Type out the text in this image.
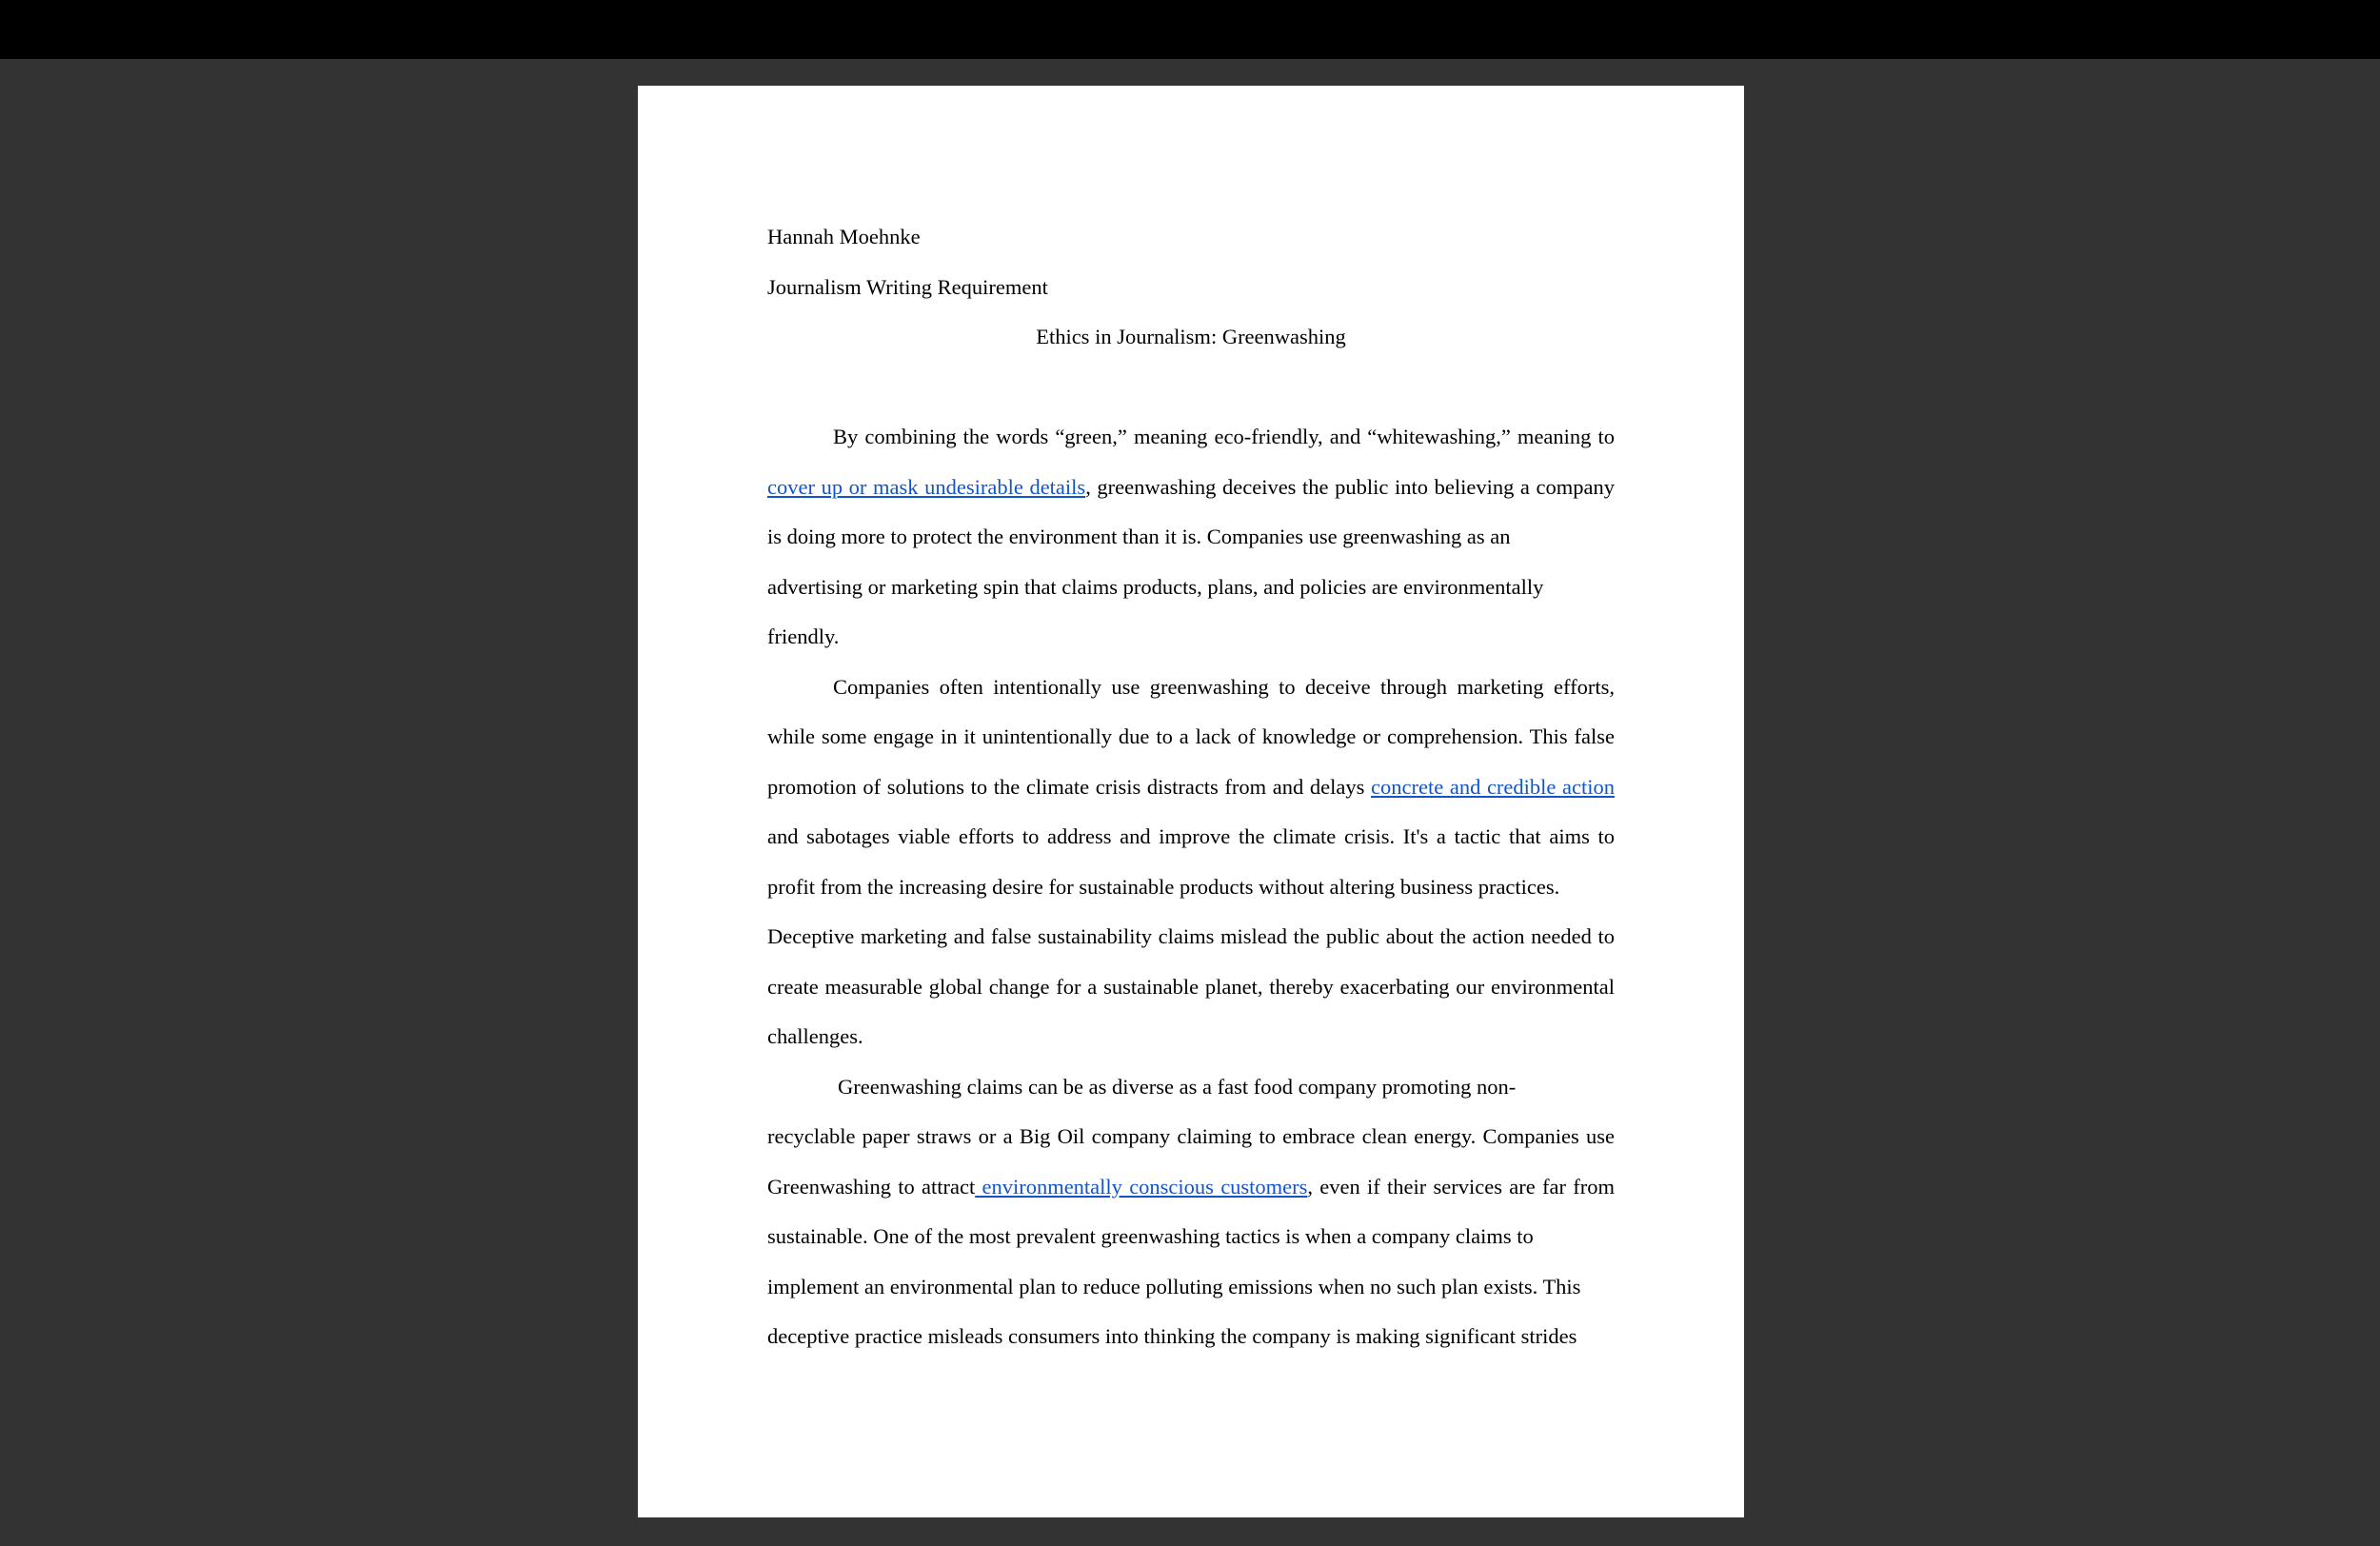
Hannah Moehnke
Journalism Writing Requirement
Ethics in Journalism: Greenwashing
By combining the words “green,” meaning eco-friendly, and “whitewashing,” meaning to
cover up or mask undesirable details, greenwashing deceives the public into believing a company
is doing more to protect the environment than it is. Companies use greenwashing as an
advertising or marketing spin that claims products, plans, and policies are environmentally
friendly.
Companies often intentionally use greenwashing to deceive through marketing efforts,
while some engage in it unintentionally due to a lack of knowledge or comprehension. This false
promotion of solutions to the climate crisis distracts from and delays concrete and credible action
and sabotages viable efforts to address and improve the climate crisis. It's a tactic that aims to
profit from the increasing desire for sustainable products without altering business practices.
Deceptive marketing and false sustainability claims mislead the public about the action needed to
create measurable global change for a sustainable planet, thereby exacerbating our environmental
challenges.
Greenwashing claims can be as diverse as a fast food company promoting non-
recyclable paper straws or a Big Oil company claiming to embrace clean energy. Companies use
Greenwashing to attract environmentally conscious customers, even if their services are far from
sustainable. One of the most prevalent greenwashing tactics is when a company claims to
implement an environmental plan to reduce polluting emissions when no such plan exists. This
deceptive practice misleads consumers into thinking the company is making significant strides
